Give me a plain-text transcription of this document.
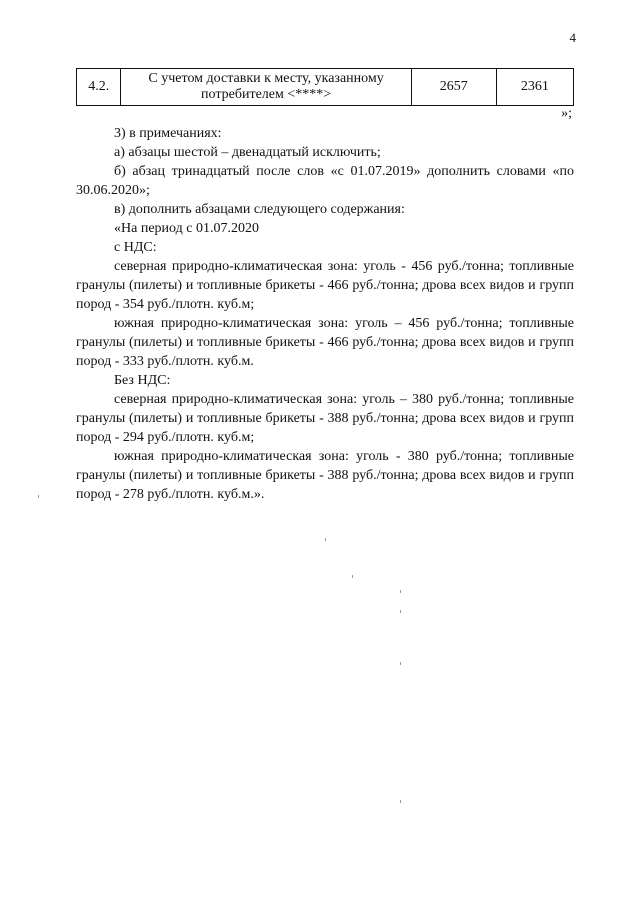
4
4.2.	С учетом доставки к месту, указанному потребителем <****>	2657	2361
»;

3) в примечаниях:

а) абзацы шестой – двенадцатый исключить;

б) абзац тринадцатый после слов «с 01.07.2019» дополнить словами «по 30.06.2020»;

в) дополнить абзацами следующего содержания:

«На период с 01.07.2020

с НДС:

северная природно-климатическая зона: уголь - 456 руб./тонна; топливные гранулы (пилеты) и топливные брикеты - 466 руб./тонна; дрова всех видов и групп пород - 354 руб./плотн. куб.м;

южная природно-климатическая зона: уголь – 456 руб./тонна; топливные гранулы (пилеты) и топливные брикеты - 466 руб./тонна; дрова всех видов и групп пород - 333 руб./плотн. куб.м.

Без НДС:

северная природно-климатическая зона: уголь – 380 руб./тонна; топливные гранулы (пилеты) и топливные брикеты - 388 руб./тонна; дрова всех видов и групп пород - 294 руб./плотн. куб.м;

южная природно-климатическая зона: уголь - 380 руб./тонна; топливные гранулы (пилеты) и топливные брикеты - 388 руб./тонна; дрова всех видов и групп пород - 278 руб./плотн. куб.м.».
